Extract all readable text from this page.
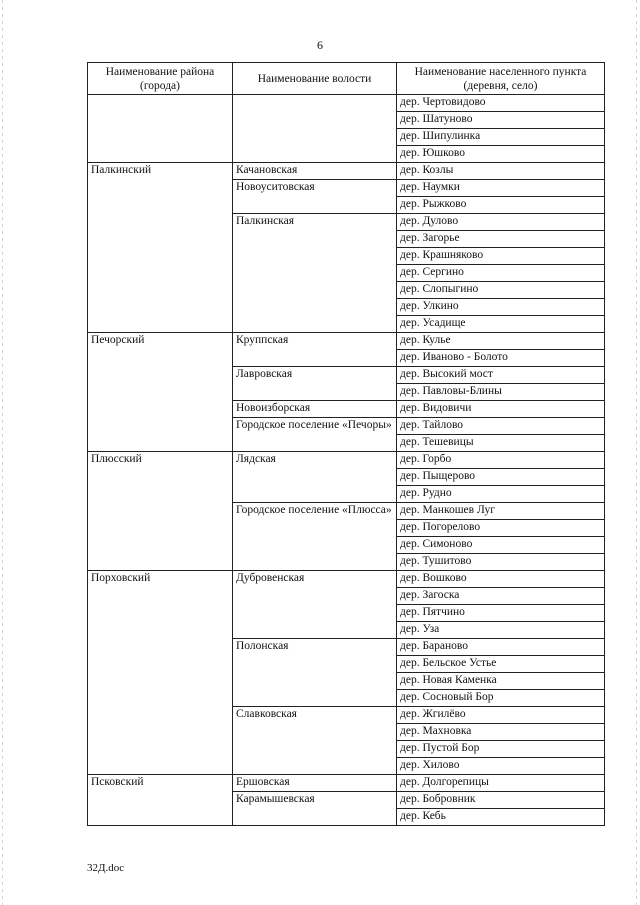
6
Наименование района (города)	Наименование волости	Наименование населенного пункта (деревня, село)
		дер. Чертовидово
		дер. Шатуново
		дер. Шипулинка
		дер. Юшково
Палкинский	Качановская	дер. Козлы
	Новоуситовская	дер. Наумки
		дер. Рыжково
	Палкинская	дер. Дулово
		дер. Загорье
		дер. Крашняково
		дер. Сергино
		дер. Слопыгино
		дер. Улкино
		дер. Усадище
Печорский	Круппская	дер. Кулье
		дер. Иваново - Болото
	Лавровская	дер. Высокий мост
		дер. Павловы-Блины
	Новоизборская	дер. Видовичи
	Городское поселение «Печоры»	дер. Тайлово
		дер. Тешевицы
Плюсский	Лядская	дер. Горбо
		дер. Пыщерово
		дер. Рудно
	Городское поселение «Плюсса»	дер. Манкошев Луг
		дер. Погорелово
		дер. Симоново
		дер. Тушитово
Порховский	Дубровенская	дер. Вошково
		дер. Загоска
		дер. Пятчино
		дер. Уза
	Полонская	дер. Бараново
		дер. Бельское Устье
		дер. Новая Каменка
		дер. Сосновый Бор
	Славковская	дер. Жгилёво
		дер. Махновка
		дер. Пустой Бор
		дер. Хилово
Псковский	Ершовская	дер. Долгорепицы
	Карамышевская	дер. Бобровник
		дер. Кебь
32Д.doc
